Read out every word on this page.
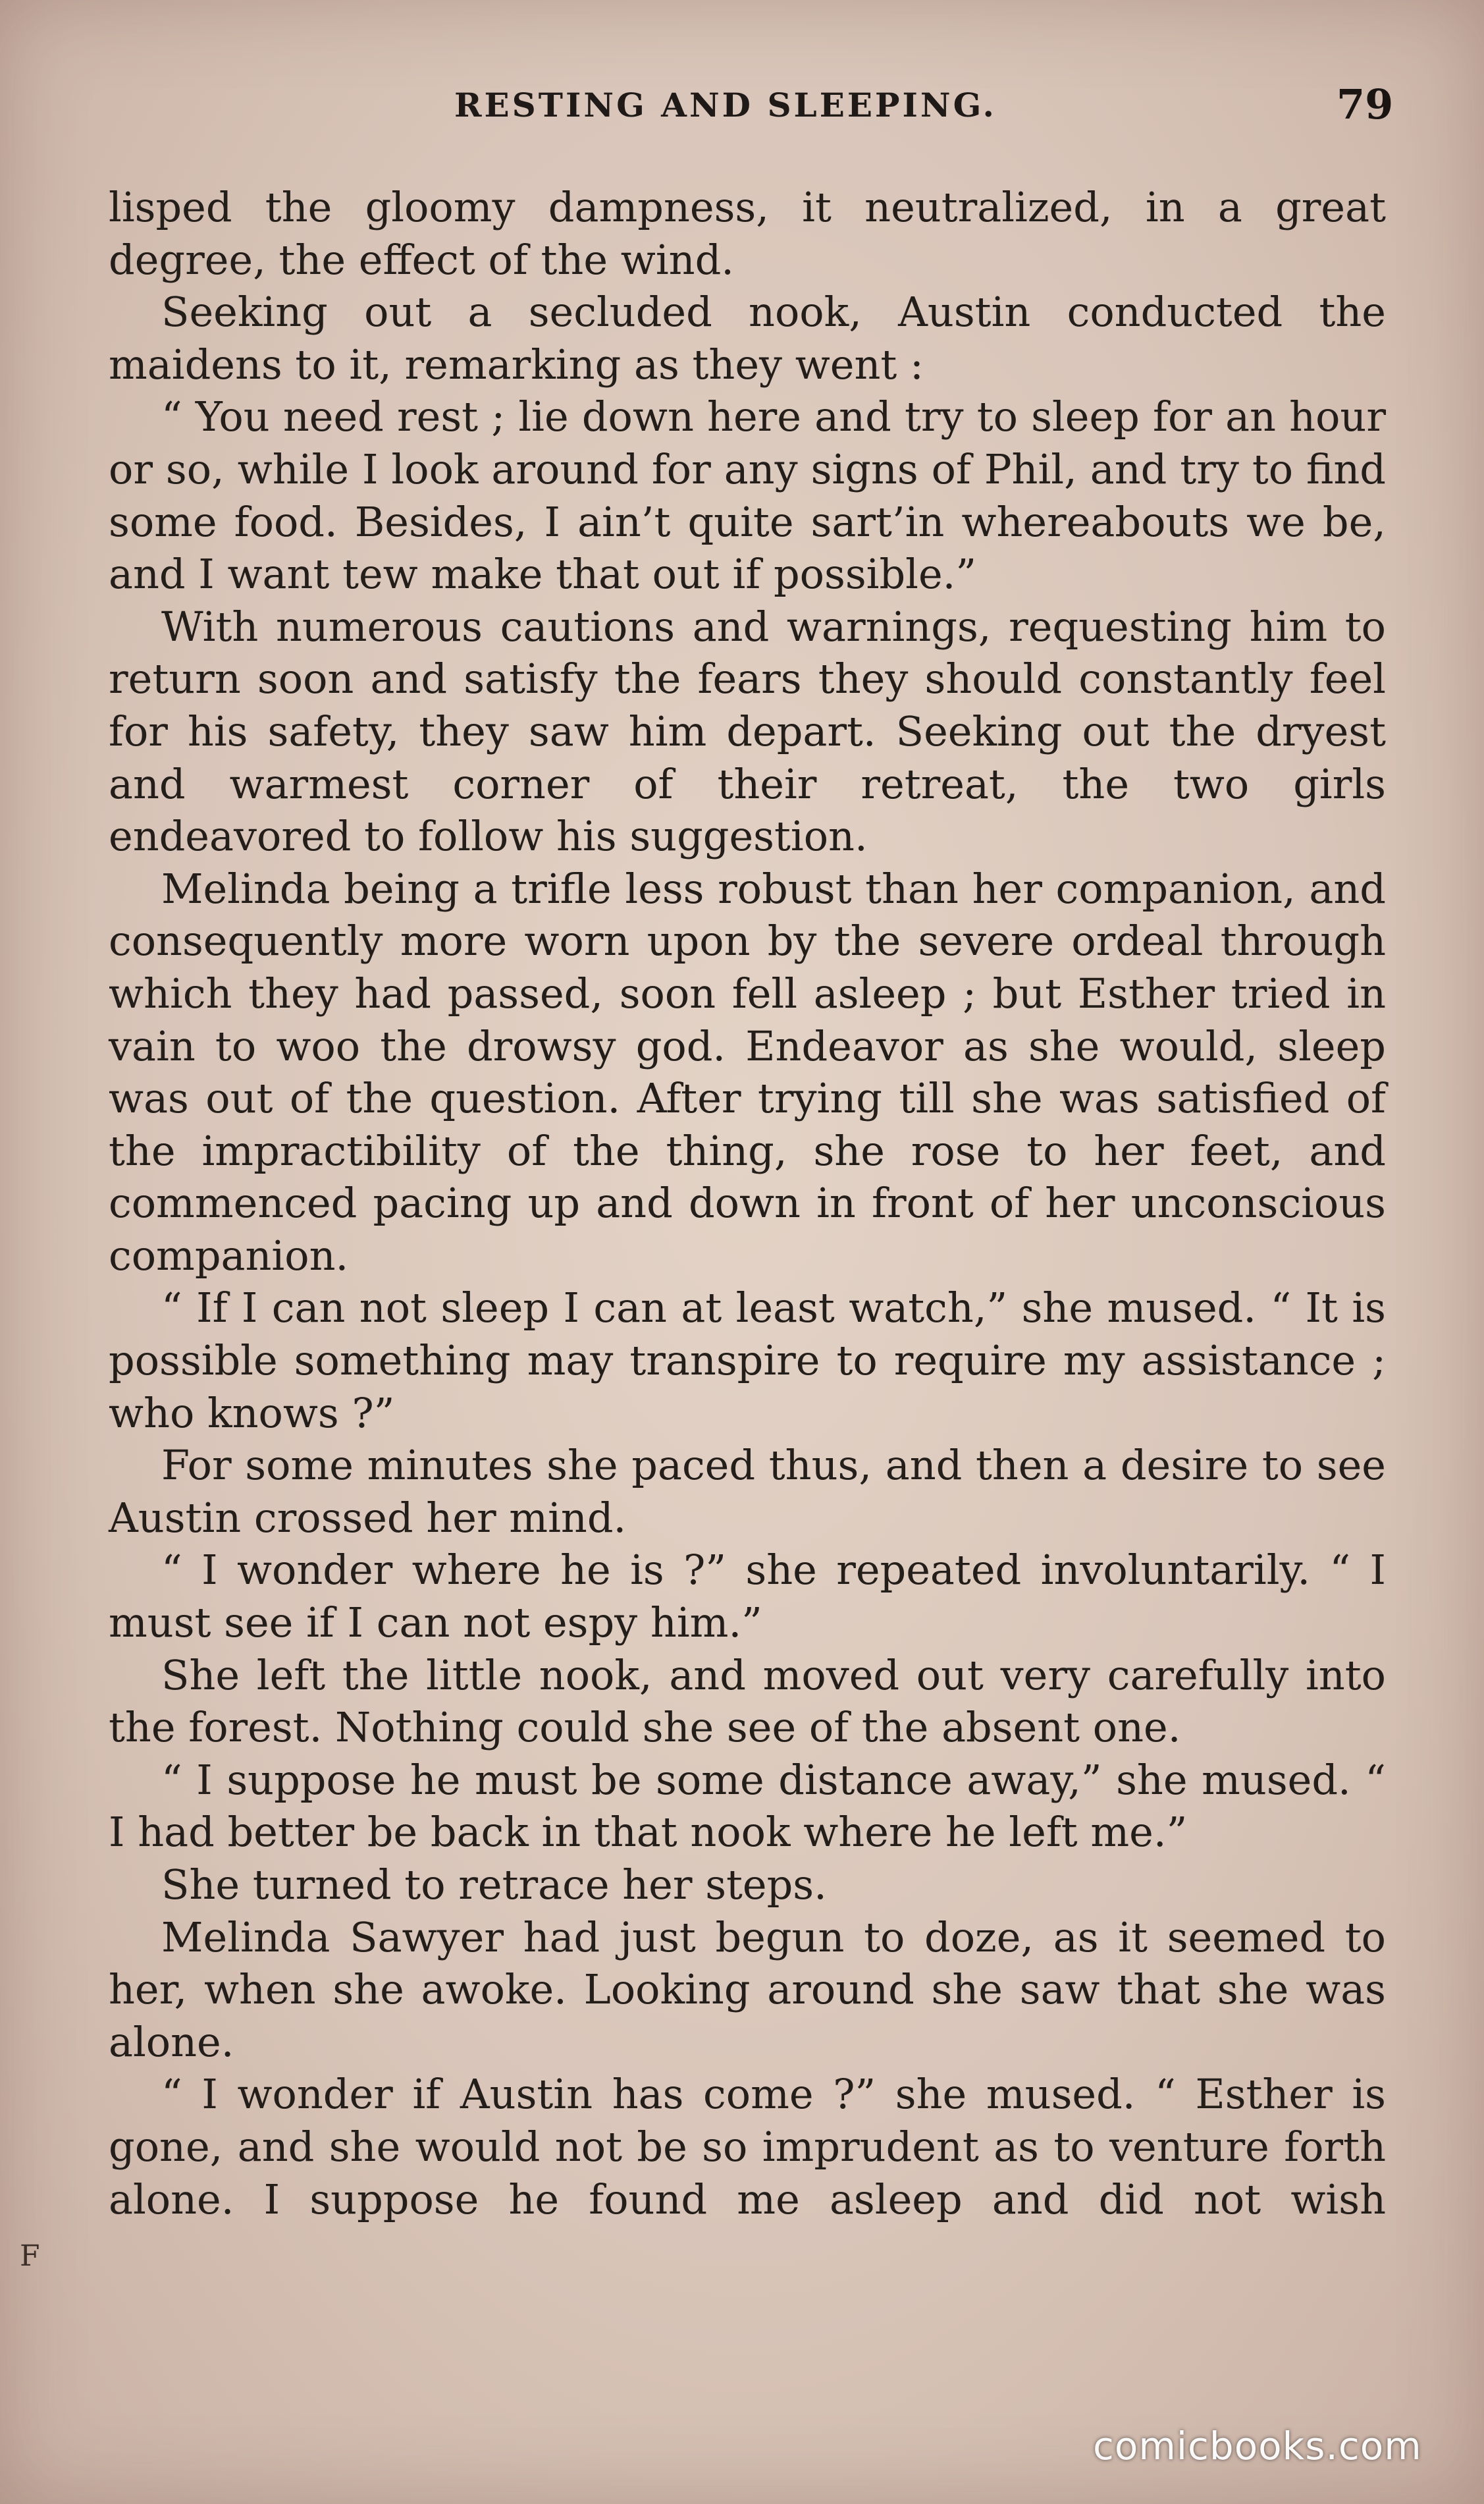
RESTING AND SLEEPING.	79

lisped the gloomy dampness, it neutralized, in a great degree, the effect of the wind.

Seeking out a secluded nook, Austin conducted the maidens to it, remarking as they went :

“ You need rest ; lie down here and try to sleep for an hour or so, while I look around for any signs of Phil, and try to find some food. Besides, I ain’t quite sart’in whereabouts we be, and I want tew make that out if possible.”

With numerous cautions and warnings, requesting him to return soon and satisfy the fears they should constantly feel for his safety, they saw him depart. Seeking out the dryest and warmest corner of their retreat, the two girls endeavored to follow his suggestion.

Melinda being a trifle less robust than her companion, and consequently more worn upon by the severe ordeal through which they had passed, soon fell asleep ; but Esther tried in vain to woo the drowsy god. Endeavor as she would, sleep was out of the question. After trying till she was satisfied of the impractibility of the thing, she rose to her feet, and commenced pacing up and down in front of her unconscious companion.

“ If I can not sleep I can at least watch,” she mused. “ It is possible something may transpire to require my assistance ; who knows ?”

For some minutes she paced thus, and then a desire to see Austin crossed her mind.

“ I wonder where he is ?” she repeated involuntarily. “ I must see if I can not espy him.”

She left the little nook, and moved out very carefully into the forest. Nothing could she see of the absent one.

“ I suppose he must be some distance away,” she mused. “ I had better be back in that nook where he left me.”

She turned to retrace her steps.

Melinda Sawyer had just begun to doze, as it seemed to her, when she awoke. Looking around she saw that she was alone.

“ I wonder if Austin has come ?” she mused. “ Esther is gone, and she would not be so imprudent as to venture forth alone. I suppose he found me asleep and did not wish

F
comicbooks.com
